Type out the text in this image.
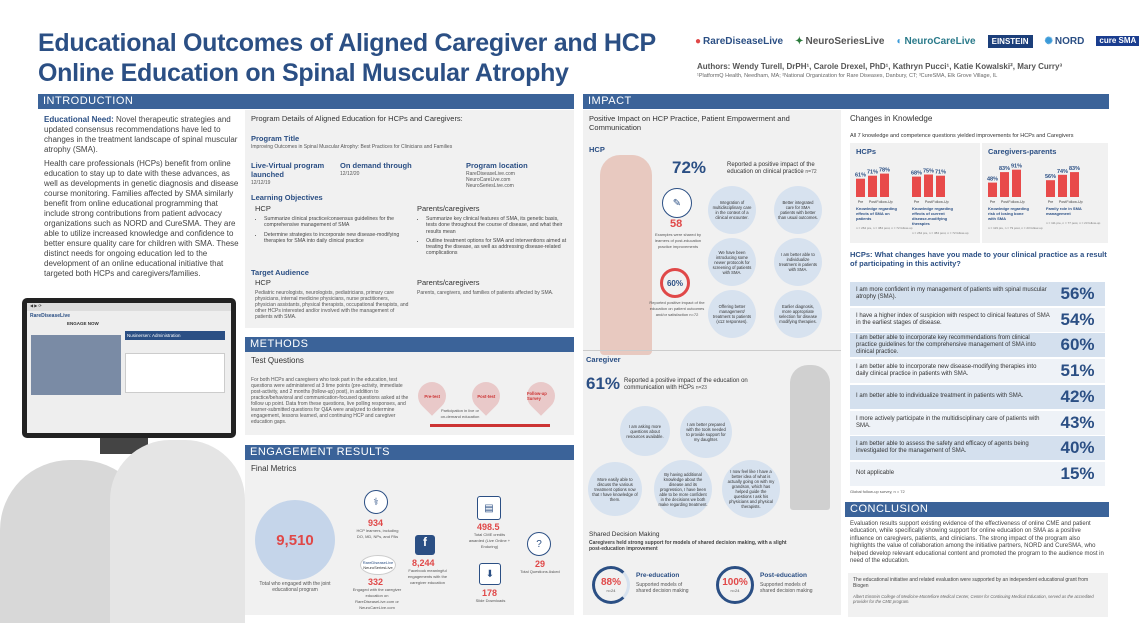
Educational Outcomes of Aligned Caregiver and HCP
Online Education on Spinal Muscular Atrophy
● RareDiseaseLive ✦ NeuroSeriesLive ◐ NeuroCareLive	EINSTEIN	✺ NORD	cure SMA
Authors: Wendy Turell, DrPH¹, Carole Drexel, PhD¹, Kathryn Pucci¹, Katie Kowalski², Mary Curry³
¹PlatformQ Health, Needham, MA; ²National Organization for Rare Diseases, Danbury, CT; ³CureSMA, Elk Grove Village, IL
INTRODUCTION
Educational Need: Novel therapeutic strategies and updated consensus recommendations have led to changes in the treatment landscape of spinal muscular atrophy (SMA).
Health care professionals (HCPs) benefit from online education to stay up to date with these advances, as well as developments in genetic diagnosis and disease course monitoring. Families affected by SMA similarly benefit from online educational programming that include strong contributions from patient advocacy organizations such as NORD and CureSMA. They are able to utilize increased knowledge and confidence to better ensure quality care for children with SMA. These distinct needs for ongoing education led to the development of an online educational initiative that targeted both HCPs and caregivers/families.
◀ ▶ ⟳
RareDiseaseLive
ENGAGE NOW
Nusinersen: Administration
Program Details of Aligned Education for HCPs and Caregivers:
Program Title
Improving Outcomes in Spinal Muscular Atrophy: Best Practices for Clinicians and Families
Live-Virtual program launched
12/12/19
On demand through
12/12/20
Program location
RareDiseaseLive.com
NeuroCareLive.com
NeuroSeriesLive.com
Learning Objectives
HCP
• Summarize clinical practice/consensus guidelines for the comprehensive management of SMA
• Determine strategies to incorporate new disease-modifying therapies for SMA into daily clinical practice
Parents/caregivers
• Summarize key clinical features of SMA, its genetic basis, tests done throughout the course of disease, and what their results mean
• Outline treatment options for SMA and interventions aimed at treating the disease, as well as addressing disease-related complications
Target Audience
HCP
Pediatric neurologists, neurologists, pediatricians, primary care physicians, internal medicine physicians, nurse practitioners, physician assistants, physical therapists, occupational therapists, and other HCPs interested and/or involved with the management of patients with SMA.
Parents/caregivers
Parents, caregivers, and families of patients affected by SMA.
METHODS
Test Questions
For both HCPs and caregivers who took part in the education, test questions were administered at 3 time points (pre-activity, immediate post-activity, and 2 months (follow-up) post), in addition to practice/behavioral and communication-focused questions asked at the follow up point. Data from these questions, live polling responses, and learner-submitted questions for Q&A were analyzed to determine engagement, lessons learned, and continuing HCP and caregiver education gaps.
Pre-test	Post-test
Follow-up Survey
Participation in live or on-demand education
ENGAGEMENT RESULTS
Final Metrics
9,510
Total who engaged with the joint educational program
⚕
934
HCP learners, including DO, MD, NPs, and PAs
RareDiseaseLive
NeuroSeriesLive
332
Engaged with the caregiver education on RareDiseaseLive.com or NeuroCareLive.com
f
8,244
Facebook meaningful engagements with the caregiver education
▤
498.5
Total CME credits awarded (Live Online + Enduring)	?
29
Total Questions Asked
⬇
178
Slide Downloads
IMPACT
Positive Impact on HCP Practice, Patient Empowerment and Communication
HCP
72%	Reported a positive impact of the education on clinical practice n=72
✎
58
Examples were shared by learners of post-education practice improvements
60%
Reported positive impact of the education on patient outcomes and/or satisfaction n=72
Integration of multidisciplinary care in the context of a clinical encounter.
Better integrated care for SMA patients with better than usual outcomes.
We have been introducing some newer protocols for screening of patients with SMA.
I am better able to individualize treatment in patients with SMA.
Offering better management/ treatment to patients (x12 responses).
Earlier diagnosis, more appropriate selection for disease modifying therapies.
Caregiver
61% Reported a positive impact of the education on communication with HCPs n=23
I am asking more questions about resources available.
I am better prepared with the tools needed to provide support for my daughter.
More easily able to discuss the various treatment options now that I have knowledge of them.
By having additional knowledge about the disease and its progression, I have been able to be more confident in the decisions we both make regarding treatment.
I now feel like I have a better idea of what is actually going on with my grandson, which has helped guide the questions I ask his physicians and physical therapists.
Shared Decision Making
Caregivers held strong support for models of shared decision making, with a slight post-education improvement
88%
n=24
Pre-education
Supported models of shared decision making
100%
n=24
Post-education
Supported models of shared decision making
Changes in Knowledge
All 7 knowledge and competence questions yielded improvements for HCPs and Caregivers
HCPs	Caregivers-parents
61%
Pre
71%
Post
78%
Follow-Up
Knowledge regarding
effects of SMA on
patients
n = 264 pre, n = 384 post, n = 72 follow-up
68%
Pre
75%
Post
71%
Follow-Up
Knowledge regarding
effects of current
disease-modifying
therapies
n = 264 pre, n = 384 post, n = 72 follow-up
48%
Pre
83%
Post
91%
Follow-Up
Knowledge regarding
risk of losing bone
with SMA
n = 119 pre, n = 79 post, n = 23 follow-up
56%
Pre
74%
Post
83%
Follow-Up
Family role in SMA
management
n = 111 pre, n = 77 post, n = 23 follow-up
HCPs: What changes have you made to your clinical practice as a result of participating in this activity?
I am more confident in my management of patients with spinal muscular atrophy (SMA).	56%
I have a higher index of suspicion with respect to clinical features of SMA in the earliest stages of disease.	54%
I am better able to incorporate key recommendations from clinical practice guidelines for the comprehensive management of SMA into clinical practice.	60%
I am better able to incorporate new disease-modifying therapies into daily clinical practice in patients with SMA.	51%
I am better able to individualize treatment in patients with SMA.	42%
I more actively participate in the multidisciplinary care of patients with SMA.	43%
I am better able to assess the safety and efficacy of agents being investigated for the management of SMA.	40%
Not applicable	15%
Global follow-up survey, n = 72
CONCLUSION
Evaluation results support existing evidence of the effectiveness of online CME and patient education, while specifically showing support for online education on SMA as a positive influence on caregivers, patients, and clinicians. The strong impact of the program also highlights the value of collaboration among the initiative partners, NORD and CureSMA, who helped develop relevant educational content and promoted the program to the audience most in need of the education.
The educational initiative and related evaluation were supported by an independent educational grant from Biogen
Albert Einstein College of Medicine-Montefiore Medical Center, Center for Continuing Medical Education, served as the accredited provider for the CME program.
